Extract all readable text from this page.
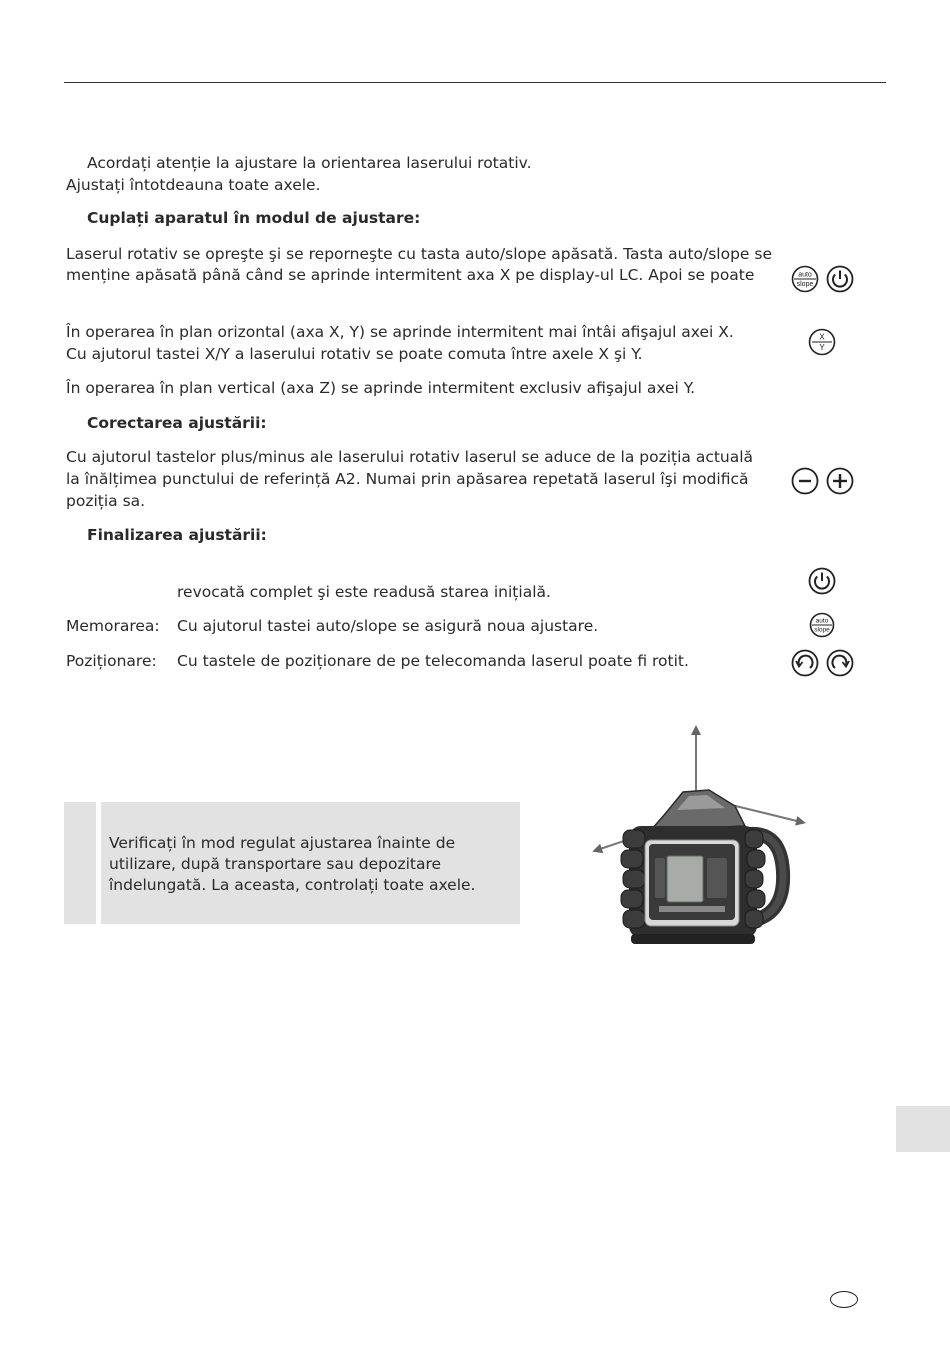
Acordați atenție la ajustare la orientarea laserului rotativ.
Ajustați întotdeauna toate axele.
Cuplați aparatul în modul de ajustare:
Laserul rotativ se opreşte şi se reporneşte cu tasta auto/slope apăsată. Tasta auto/slope se
menține apăsată până când se aprinde intermitent axa X pe display-ul LC. Apoi se poate	auto
slope
În operarea în plan orizontal (axa X, Y) se aprinde intermitent mai întâi afişajul axei X.
Cu ajutorul tastei X/Y a laserului rotativ se poate comuta între axele X şi Y.
X
Y
În operarea în plan vertical (axa Z) se aprinde intermitent exclusiv afişajul axei Y.
Corectarea ajustării:
Cu ajutorul tastelor plus/minus ale laserului rotativ laserul se aduce de la poziția actuală
la înălțimea punctului de referință A2. Numai prin apăsarea repetată laserul îşi modifică
poziția sa.
Finalizarea ajustării:
revocată complet şi este readusă starea inițială.
Memorarea: Cu ajutorul tastei auto/slope se asigură noua ajustare.	auto
slope
Poziționare: Cu tastele de poziționare de pe telecomanda laserul poate fi rotit.
Verificați în mod regulat ajustarea înainte de
utilizare, după transportare sau depozitare
îndelungată. La aceasta, controlați toate axele.
